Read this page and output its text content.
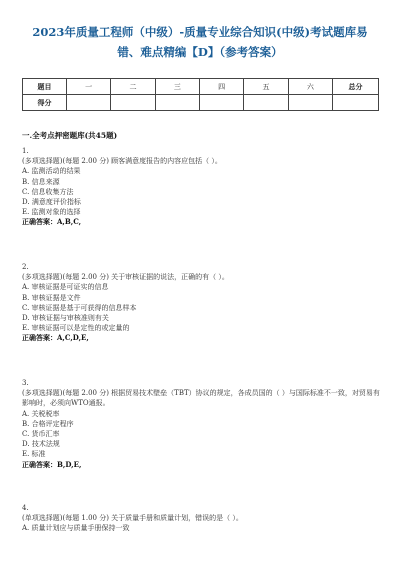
2023年质量工程师（中级）-质量专业综合知识(中级)考试题库易
错、难点精编【D】（参考答案）
题目	一	二	三	四	五	六	总分
得分							
一.全考点押密题库(共45题)
1.
(多项选择题)(每题 2.00 分) 顾客满意度报告的内容应包括（ ）。
A. 监测活动的结果
B. 信息来源
C. 信息收集方法
D. 满意度评价指标
E. 监测对象的选择
正确答案：A,B,C,
2.
(多项选择题)(每题 2.00 分) 关于审核证据的说法，正确的有（ ）。
A. 审核证据是可证实的信息
B. 审核证据是文件
C. 审核证据是基于可获得的信息样本
D. 审核证据与审核准则有关
E. 审核证据可以是定性的或定量的
正确答案：A,C,D,E,
3.
(多项选择题)(每题 2.00 分) 根据贸易技术壁垒（TBT）协议的规定，各成员国的（ ）与国际标准不一致，对贸易有影响时，必须向WTO通报。
A. 关税税率
B. 合格评定程序
C. 货币汇率
D. 技术法规
E. 标准
正确答案：B,D,E,
4.
(单项选择题)(每题 1.00 分) 关于质量手册和质量计划，错误的是（ ）。
A. 质量计划应与质量手册保持一致
